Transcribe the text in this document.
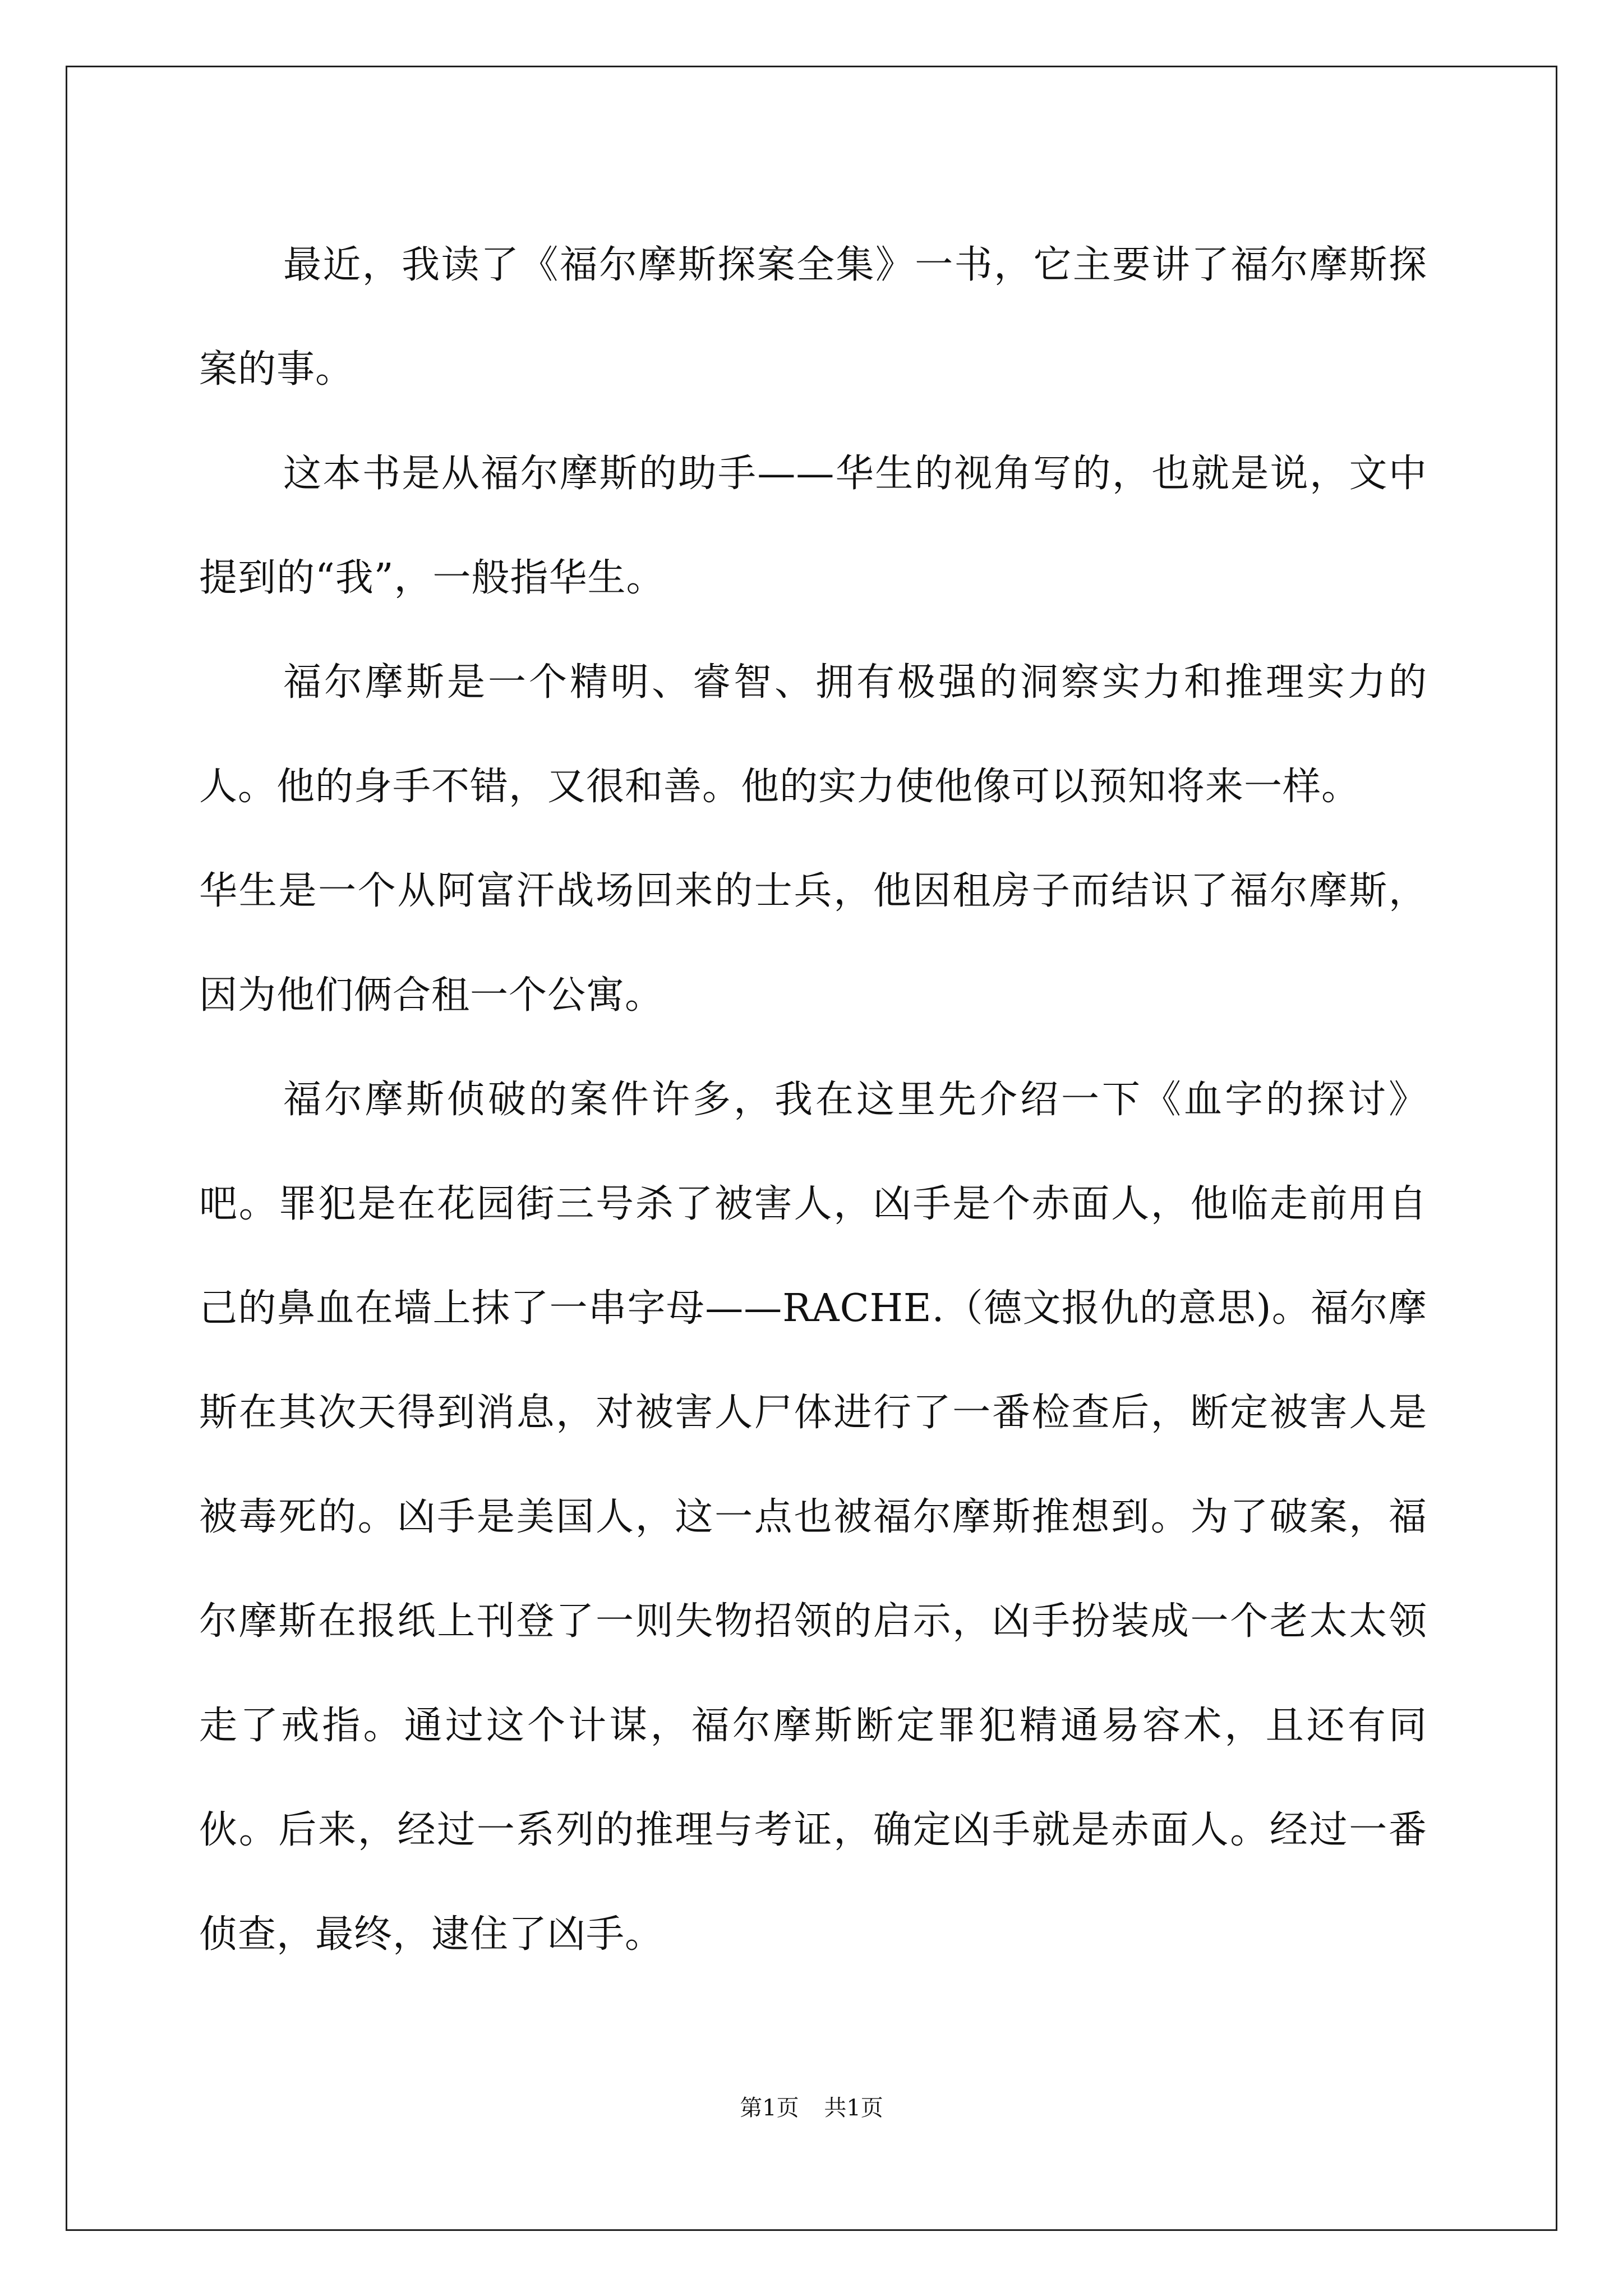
最近，我读了《福尔摩斯探案全集》一书，它主要讲了福尔摩斯探案的事。

这本书是从福尔摩斯的助手——华生的视角写的，也就是说，文中提到的“我”，一般指华生。

福尔摩斯是一个精明、睿智、拥有极强的洞察实力和推理实力的人。他的身手不错，又很和善。他的实力使他像可以预知将来一样。

华生是一个从阿富汗战场回来的士兵，他因租房子而结识了福尔摩斯，因为他们俩合租一个公寓。

福尔摩斯侦破的案件许多，我在这里先介绍一下《血字的探讨》吧。罪犯是在花园街三号杀了被害人，凶手是个赤面人，他临走前用自己的鼻血在墙上抹了一串字母——RACHE.（德文报仇的意思)。福尔摩斯在其次天得到消息，对被害人尸体进行了一番检查后，断定被害人是被毒死的。凶手是美国人，这一点也被福尔摩斯推想到。为了破案，福尔摩斯在报纸上刊登了一则失物招领的启示，凶手扮装成一个老太太领走了戒指。通过这个计谋，福尔摩斯断定罪犯精通易容术，且还有同伙。后来，经过一系列的推理与考证，确定凶手就是赤面人。经过一番侦查，最终，逮住了凶手。

第1页 共1页
